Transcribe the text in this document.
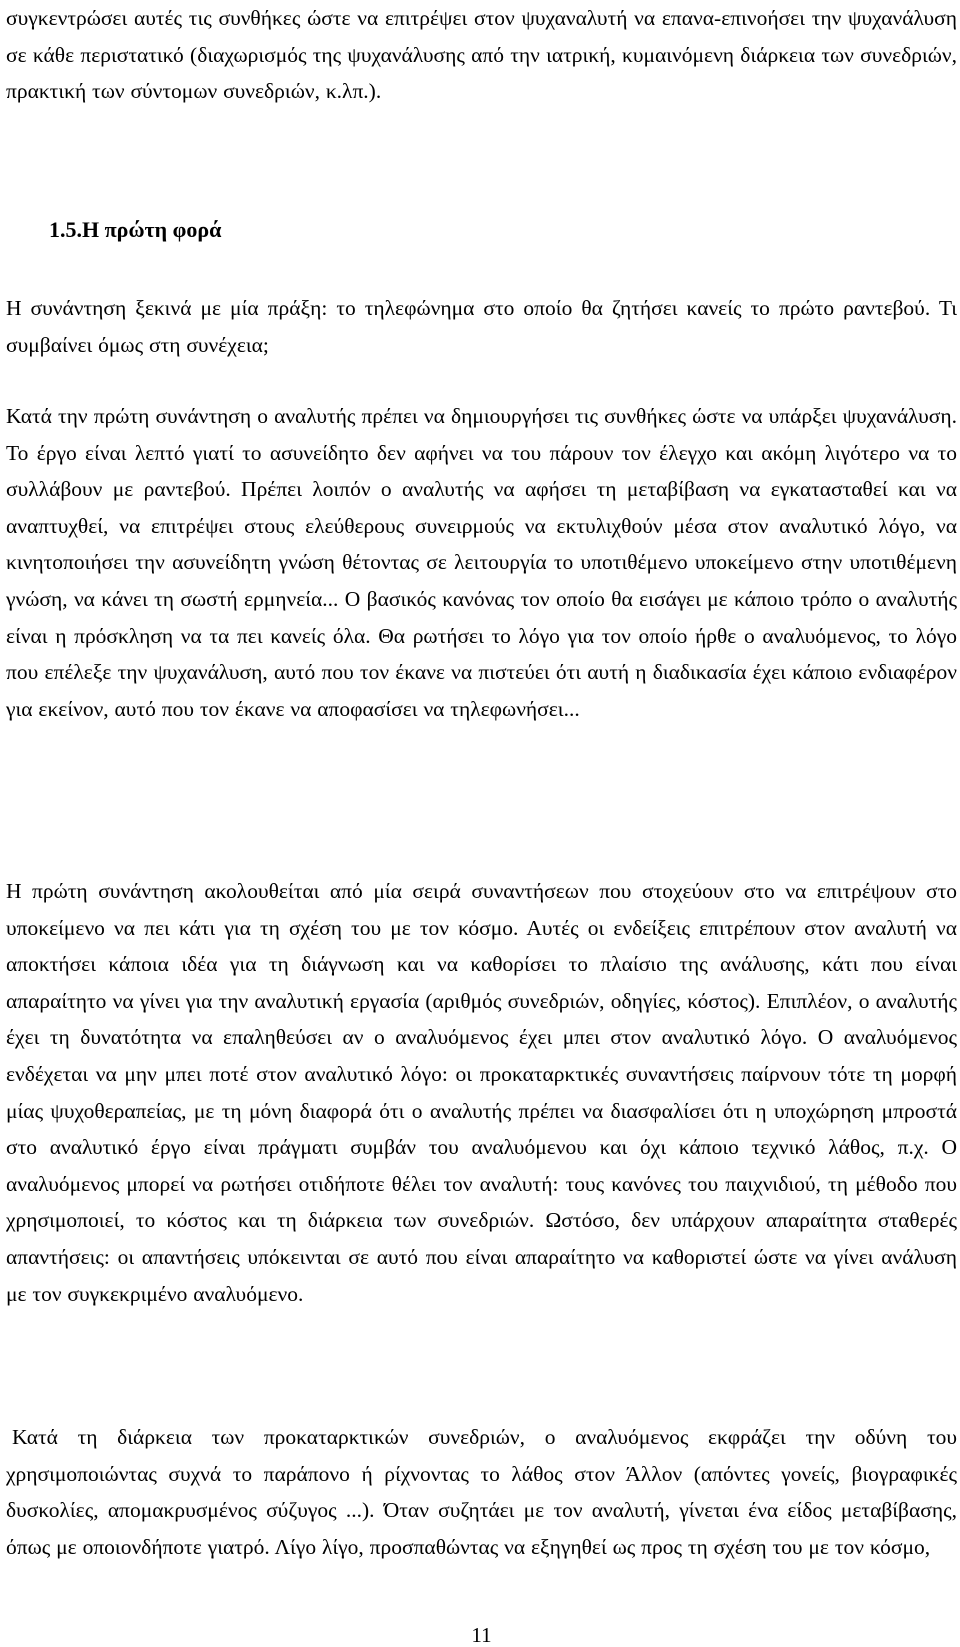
συγκεντρώσει αυτές τις συνθήκες ώστε να επιτρέψει στον ψυχαναλυτή να επανα-επινοήσει την ψυχανάλυση σε κάθε περιστατικό (διαχωρισμός της ψυχανάλυσης από την ιατρική, κυμαινόμενη διάρκεια των συνεδριών, πρακτική των σύντομων συνεδριών, κ.λπ.).

1.5.Η πρώτη φορά

Η συνάντηση ξεκινά με μία πράξη: το τηλεφώνημα στο οποίο θα ζητήσει κανείς το πρώτο ραντεβού. Τι συμβαίνει όμως στη συνέχεια;

Κατά την πρώτη συνάντηση ο αναλυτής πρέπει να δημιουργήσει τις συνθήκες ώστε να υπάρξει ψυχανάλυση. Το έργο είναι λεπτό γιατί το ασυνείδητο δεν αφήνει να του πάρουν τον έλεγχο και ακόμη λιγότερο να το συλλάβουν με ραντεβού. Πρέπει λοιπόν ο αναλυτής να αφήσει τη μεταβίβαση να εγκατασταθεί και να αναπτυχθεί, να επιτρέψει στους ελεύθερους συνειρμούς να εκτυλιχθούν μέσα στον αναλυτικό λόγο, να κινητοποιήσει την ασυνείδητη γνώση θέτοντας σε λειτουργία το υποτιθέμενο υποκείμενο στην υποτιθέμενη γνώση, να κάνει τη σωστή ερμηνεία... Ο βασικός κανόνας τον οποίο θα εισάγει με κάποιο τρόπο ο αναλυτής είναι η πρόσκληση να τα πει κανείς όλα. Θα ρωτήσει το λόγο για τον οποίο ήρθε ο αναλυόμενος, το λόγο που επέλεξε την ψυχανάλυση, αυτό που τον έκανε να πιστεύει ότι αυτή η διαδικασία έχει κάποιο ενδιαφέρον για εκείνον, αυτό που τον έκανε να αποφασίσει να τηλεφωνήσει...

Η πρώτη συνάντηση ακολουθείται από μία σειρά συναντήσεων που στοχεύουν στο να επιτρέψουν στο υποκείμενο να πει κάτι για τη σχέση του με τον κόσμο. Αυτές οι ενδείξεις επιτρέπουν στον αναλυτή να αποκτήσει κάποια ιδέα για τη διάγνωση και να καθορίσει το πλαίσιο της ανάλυσης, κάτι που είναι απαραίτητο να γίνει για την αναλυτική εργασία (αριθμός συνεδριών, οδηγίες, κόστος). Επιπλέον, ο αναλυτής έχει τη δυνατότητα να επαληθεύσει αν ο αναλυόμενος έχει μπει στον αναλυτικό λόγο. Ο αναλυόμενος ενδέχεται να μην μπει ποτέ στον αναλυτικό λόγο: οι προκαταρκτικές συναντήσεις παίρνουν τότε τη μορφή μίας ψυχοθεραπείας, με τη μόνη διαφορά ότι ο αναλυτής πρέπει να διασφαλίσει ότι η υποχώρηση μπροστά στο αναλυτικό έργο είναι πράγματι συμβάν του αναλυόμενου και όχι κάποιο τεχνικό λάθος, π.χ. Ο αναλυόμενος μπορεί να ρωτήσει οτιδήποτε θέλει τον αναλυτή: τους κανόνες του παιχνιδιού, τη μέθοδο που χρησιμοποιεί, το κόστος και τη διάρκεια των συνεδριών. Ωστόσο, δεν υπάρχουν απαραίτητα σταθερές απαντήσεις: οι απαντήσεις υπόκεινται σε αυτό που είναι απαραίτητο να καθοριστεί ώστε να γίνει ανάλυση με τον συγκεκριμένο αναλυόμενο.

Κατά τη διάρκεια των προκαταρκτικών συνεδριών, ο αναλυόμενος εκφράζει την οδύνη του χρησιμοποιώντας συχνά το παράπονο ή ρίχνοντας το λάθος στον Άλλον (απόντες γονείς, βιογραφικές δυσκολίες, απομακρυσμένος σύζυγος ...). Όταν συζητάει με τον αναλυτή, γίνεται ένα είδος μεταβίβασης, όπως με οποιονδήποτε γιατρό. Λίγο λίγο, προσπαθώντας να εξηγηθεί ως προς τη σχέση του με τον κόσμο,

11
